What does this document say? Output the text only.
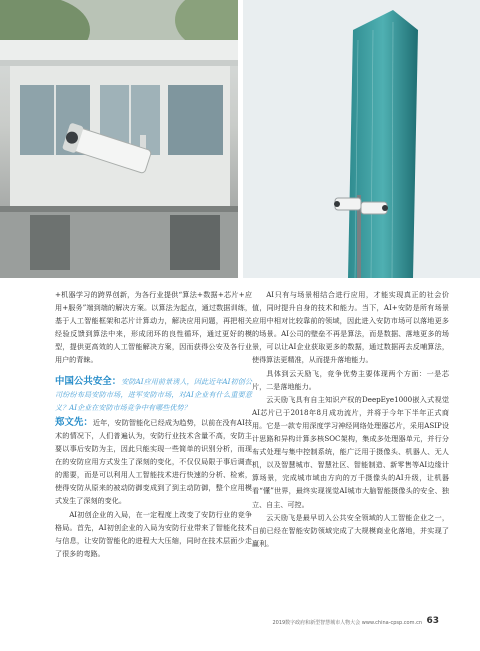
+机器学习的跨界创新，为各行业提供“算法+数据+芯片+应用+服务”端到端的解决方案。以算法为起点，通过数据训练，基于人工智能框架和芯片计算动力，解决应用问题，再把相关经验反馈到算法中来，形成闭环的良性循环，通过更好的模型，提供更高效的人工智能解决方案，因而获得公安及各行业用户的青睐。

中国公共安全：安防AI应用前景诱人，因此近年AI初创公司纷纷布局安防市场，进军安防市场，对AI企业有什么重要意义？AI企业在安防市场竞争中有哪些优势？

郑文先：近年，安防智能化已经成为趋势，以前在没有AI技术的情况下，人们普遍认为，安防行业技术含量不高，安防主要以事后安防为主，因此只能实现一些简单的识别分析，而现在的安防应用方式发生了深刻的变化，不仅仅局限于事后调查的需要，而是可以利用人工智能技术进行快速的分析、检索，使得安防从原来的被动防御变成到了到主动防御，整个应用模式发生了深刻的变化。

AI初创企业的入局，在一定程度上改变了安防行业的竞争格局。首先，AI初创企业的入局为安防行业带来了智能化技术与信息，让安防智能化的进程大大压缩，同时在技术层面少走了很多的弯路。

AI只有与场景相结合进行应用，才能实现真正的社会价值，同时提升自身的技术和能力。当下，AI+安防是所有场景应用中相对比较靠前的领域，因此进入安防市场可以落地更多的场景。AI公司的壁垒不再是算法，而是数据、落地更多的场景，可以让AI企业获取更多的数据，通过数据再去反哺算法，使得算法更精准，从而提升落地能力。

具体到云天励飞，竞争优势主要体现两个方面：一是芯片，二是落地能力。

云天励飞具有自主知识产权的DeepEye1000嵌入式视觉AI芯片已于2018年8月成功流片，并将于今年下半年正式商用。它是一款专用深度学习神经网络处理器芯片，采用ASIP设计思路和异构计算多核SOC架构，集成多处理器单元，并行分布式处理与集中控制系统，能广泛用于摄像头、机器人、无人机，以及智慧城市、智慧社区、智能制造、新零售等AI边缘计算场景，完成城市域由方向的万千摄像头的AI升级，让机器看“懂”世界，最终实现视觉AI城市大脑智能摄像头的安全、独立、自主、可控。

云天励飞是最早切入公共安全领域的人工智能企业之一，目前已经在智能安防领域完成了大规模商业化落地，并实现了赢利。

2019数字政府和新型智慧城市人物大会 www.china-cpsp.com.cn 63
